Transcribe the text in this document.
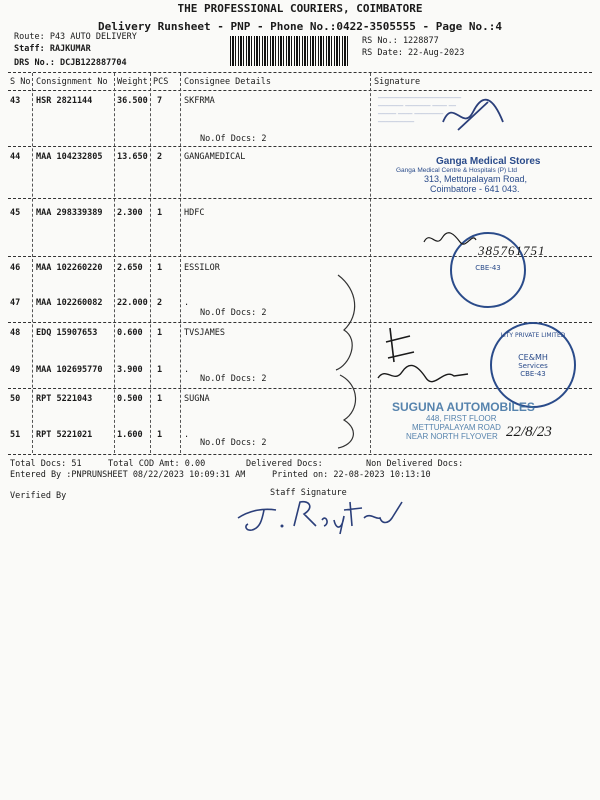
THE PROFESSIONAL COURIERS, COIMBATORE
Delivery Runsheet - PNP - Phone No.:0422-3505555 - Page No.:4
Route: P43 AUTO DELIVERY
Staff: RAJKUMAR
DRS No.: DCJB122887704
RS No.: 1228877
RS Date: 22-Aug-2023
S No Consignment No Weight PCS Consignee Details	Signature
43 HSR 2821144	36.500 7	SKFRMA
No.Of Docs: 2
44 MAA 104232805 13.650 2	GANGAMEDICAL
45 MAA 298339389 2.300 1	HDFC
46 MAA 102260220 2.650 1	ESSILOR
47 MAA 102260082 22.000 2	.
No.Of Docs: 2
48 EDQ 15907653 0.600 1	TVSJAMES
49 MAA 102695770 3.900 1	.
No.Of Docs: 2
50 RPT 5221043	0.500 1	SUGNA
51 RPT 5221021	1.600 1	.
No.Of Docs: 2
───────────────────────
─────── ─────── ──── ──
───── ──── ────────
──────────
Ganga Medical Stores
Ganga Medical Centre & Hospitals (P) Ltd
313, Mettupalayam Road,
Coimbatore - 641 043.
CBE-43
385761751
LITY PRIVATE LIMITED
CE&MH
Services
CBE-43
SUGUNA AUTOMOBILES
448, FIRST FLOOR
METTUPALAYAM ROAD
NEAR NORTH FLYOVER 22/8/23
Total Docs: 51	Total COD Amt: 0.00	Delivered Docs:	Non Delivered Docs:
Entered By :PNPRUNSHEET 08/22/2023 10:09:31 AM	Printed on: 22-08-2023 10:13:10
Verified By	Staff Signature
